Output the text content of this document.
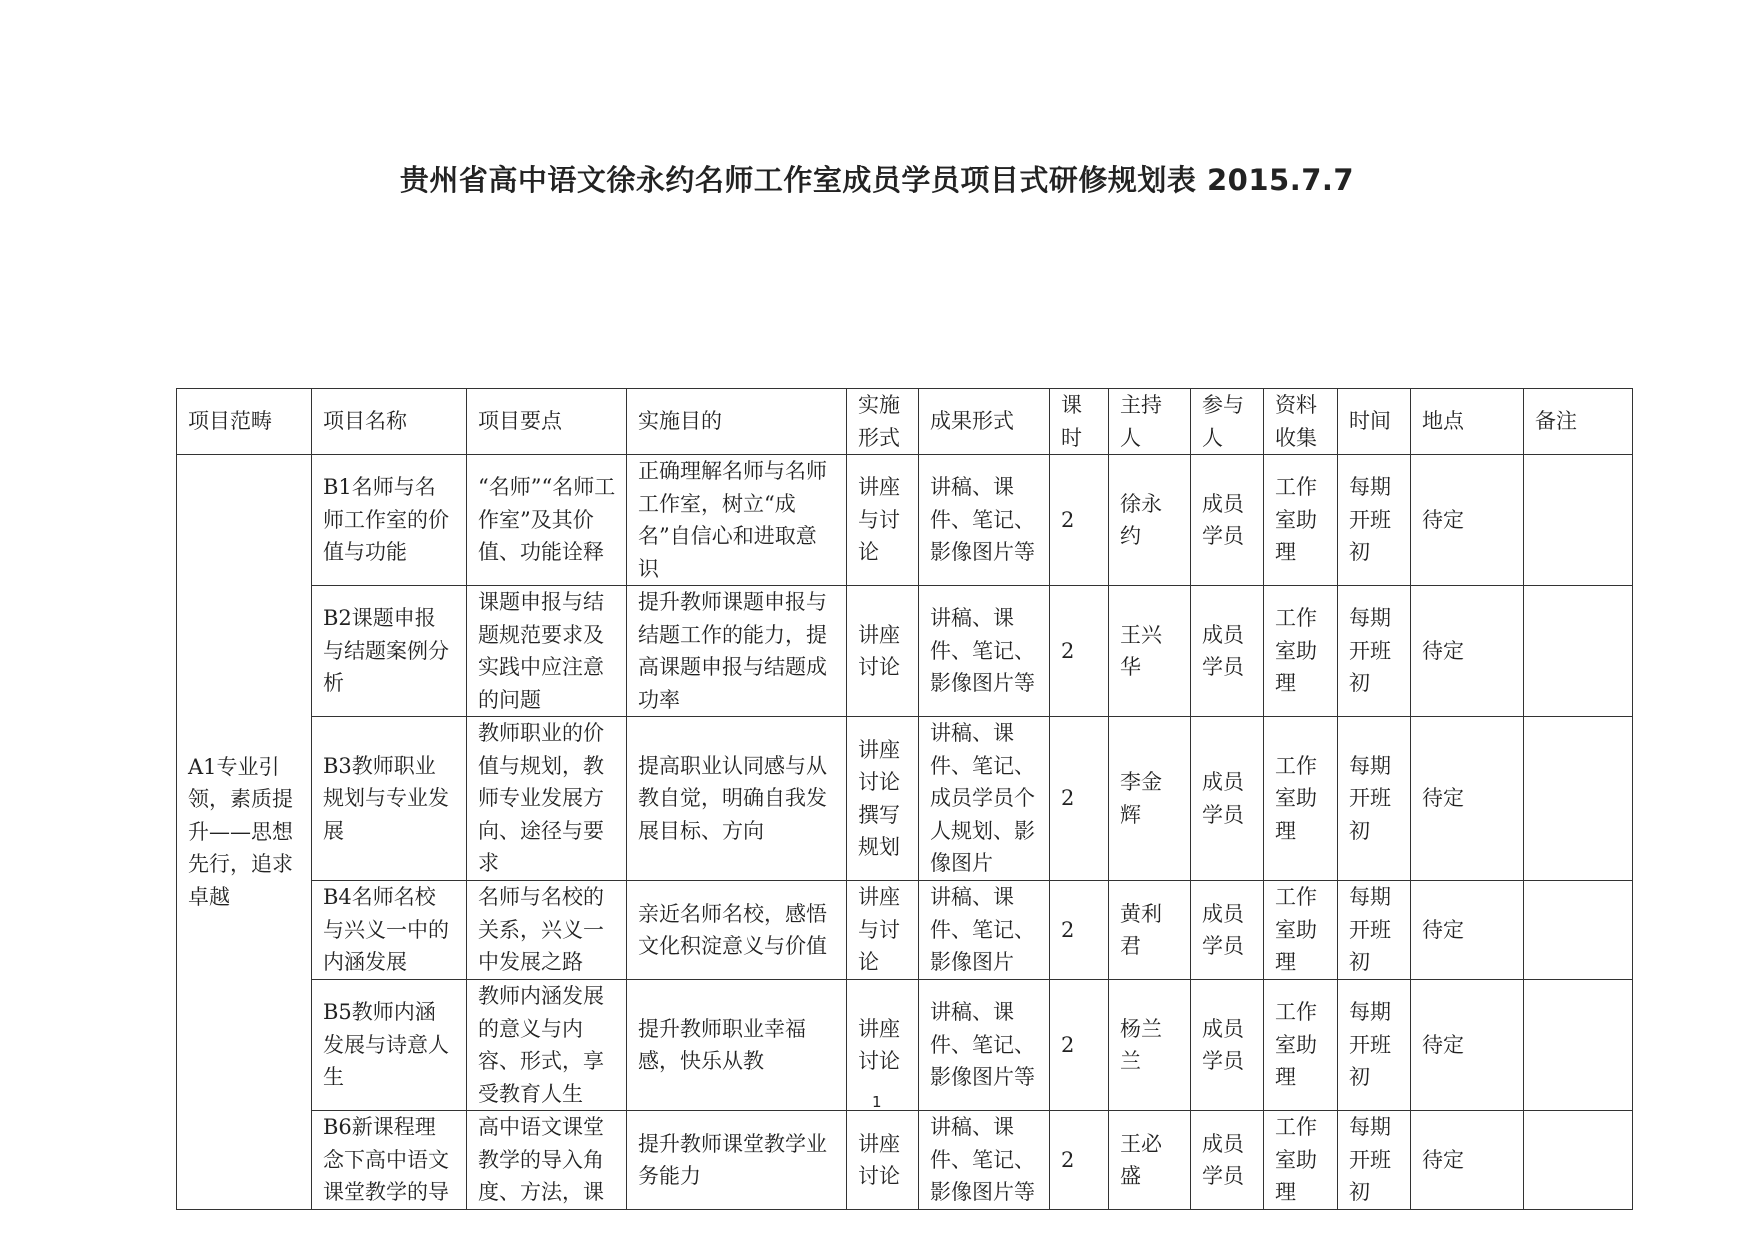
贵州省高中语文徐永约名师工作室成员学员项目式研修规划表 2015.7.7
项目范畴	项目名称	项目要点	实施目的	实施形式	成果形式	课时	主持人	参与人	资料收集	时间	地点	备注
A1专业引领，素质提升——思想先行，追求卓越	B1名师与名师工作室的价值与功能	“名师”“名师工作室”及其价值、功能诠释	正确理解名师与名师工作室，树立“成名”自信心和进取意识	讲座与讨论	讲稿、课件、笔记、影像图片等	2	徐永约	成员学员	工作室助理	每期开班初	待定	
	B2课题申报与结题案例分析	课题申报与结题规范要求及实践中应注意的问题	提升教师课题申报与结题工作的能力，提高课题申报与结题成功率	讲座讨论	讲稿、课件、笔记、影像图片等	2	王兴华	成员学员	工作室助理	每期开班初	待定	
	B3教师职业规划与专业发展	教师职业的价值与规划，教师专业发展方向、途径与要求	提高职业认同感与从教自觉，明确自我发展目标、方向	讲座讨论撰写规划	讲稿、课件、笔记、成员学员个人规划、影像图片	2	李金辉	成员学员	工作室助理	每期开班初	待定	
	B4名师名校与兴义一中的内涵发展	名师与名校的关系，兴义一中发展之路	亲近名师名校，感悟文化积淀意义与价值	讲座与讨论	讲稿、课件、笔记、影像图片	2	黄利君	成员学员	工作室助理	每期开班初	待定	
	B5教师内涵发展与诗意人生	教师内涵发展的意义与内容、形式，享受教育人生	提升教师职业幸福感，快乐从教	讲座讨论	讲稿、课件、笔记、影像图片等	2	杨兰兰	成员学员	工作室助理	每期开班初	待定	
	B6新课程理念下高中语文课堂教学的导	高中语文课堂教学的导入角度、方法，课	提升教师课堂教学业务能力	讲座讨论	讲稿、课件、笔记、影像图片等	2	王必盛	成员学员	工作室助理	每期开班初	待定	
1
